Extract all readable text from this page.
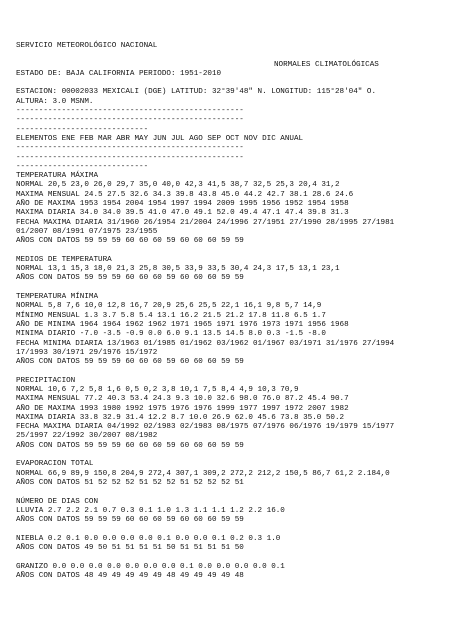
SERVICIO METEOROLÓGICO NACIONAL
NORMALES CLIMATOLÓGICAS
ESTADO DE: BAJA CALIFORNIA PERIODO: 1951-2010
ESTACION: 00002033 MEXICALI (DGE) LATITUD: 32°39'48" N. LONGITUD: 115°28'04" O.
ALTURA: 3.0 MSNM.
--------------------------------------------------
--------------------------------------------------
-----------------------------
ELEMENTOS ENE FEB MAR ABR MAY JUN JUL AGO SEP OCT NOV DIC ANUAL
--------------------------------------------------
--------------------------------------------------
-----------------------------
TEMPERATURA MÁXIMA
NORMAL 20,5 23,0 26,0 29,7 35,0 40,0 42,3 41,5 38,7 32,5 25,3 20,4 31,2
MAXIMA MENSUAL 24.5 27.5 32.6 34.3 39.8 43.8 45.0 44.2 42.7 38.1 28.6 24.6
AÑO DE MAXIMA 1953 1954 2004 1954 1997 1994 2009 1995 1956 1952 1954 1958
MAXIMA DIARIA 34.0 34.0 39.5 41.0 47.0 49.1 52.0 49.4 47.1 47.4 39.8 31.3
FECHA MAXIMA DIARIA 31/1960 26/1954 21/2004 24/1996 27/1951 27/1990 28/1995 27/1981
01/2007 08/1991 07/1975 23/1955
AÑOS CON DATOS 59 59 59 60 60 60 59 60 60 60 59 59
MEDIOS DE TEMPERATURA
NORMAL 13,1 15,3 18,0 21,3 25,8 30,5 33,9 33,5 30,4 24,3 17,5 13,1 23,1
AÑOS CON DATOS 59 59 59 60 60 60 59 60 60 60 59 59
TEMPERATURA MÍNIMA
NORMAL 5,8 7,6 10,0 12,8 16,7 20,9 25,6 25,5 22,1 16,1 9,8 5,7 14,9
MÍNIMO MENSUAL 1.3 3.7 5.8 5.4 13.1 16.2 21.5 21.2 17.8 11.8 6.5 1.7
AÑO DE MINIMA 1964 1964 1962 1962 1971 1965 1971 1976 1973 1971 1956 1968
MINIMA DIARIO -7.0 -3.5 -0.9 0.0 6.0 9.1 13.5 14.5 8.0 0.3 -1.5 -8.0
FECHA MINIMA DIARIA 13/1963 01/1985 01/1962 03/1962 01/1967 03/1971 31/1976 27/1994
17/1993 30/1971 29/1976 15/1972
AÑOS CON DATOS 59 59 59 60 60 60 59 60 60 60 59 59
PRECIPITACION
NORMAL 10,6 7,2 5,8 1,6 0,5 0,2 3,8 10,1 7,5 8,4 4,9 10,3 70,9
MAXIMA MENSUAL 77.2 40.3 53.4 24.3 9.3 10.0 32.6 98.0 76.0 87.2 45.4 90.7
AÑO DE MAXIMA 1993 1980 1992 1975 1976 1976 1999 1977 1997 1972 2007 1982
MAXIMA DIARIA 33.8 32.9 31.4 12.2 8.7 10.0 26.9 62.0 45.6 73.8 35.0 50.2
FECHA MAXIMA DIARIA 04/1992 02/1983 02/1983 08/1975 07/1976 06/1976 19/1979 15/1977
25/1997 22/1992 30/2007 08/1982
AÑOS CON DATOS 59 59 59 60 60 60 59 60 60 60 59 59
EVAPORACION TOTAL
NORMAL 66,9 89,9 150,8 204,9 272,4 307,1 309,2 272,2 212,2 150,5 86,7 61,2 2.184,0
AÑOS CON DATOS 51 52 52 52 51 52 52 51 52 52 52 51
NÚMERO DE DIAS CON
LLUVIA 2.7 2.2 2.1 0.7 0.3 0.1 1.0 1.3 1.1 1.1 1.2 2.2 16.0
AÑOS CON DATOS 59 59 59 60 60 60 59 60 60 60 59 59
NIEBLA 0.2 0.1 0.0 0.0 0.0 0.0 0.1 0.0 0.0 0.1 0.2 0.3 1.0
AÑOS CON DATOS 49 50 51 51 51 51 50 51 51 51 51 50
GRANIZO 0.0 0.0 0.0 0.0 0.0 0.0 0.0 0.1 0.0 0.0 0.0 0.0 0.1
AÑOS CON DATOS 48 49 49 49 49 49 48 49 49 49 49 48
